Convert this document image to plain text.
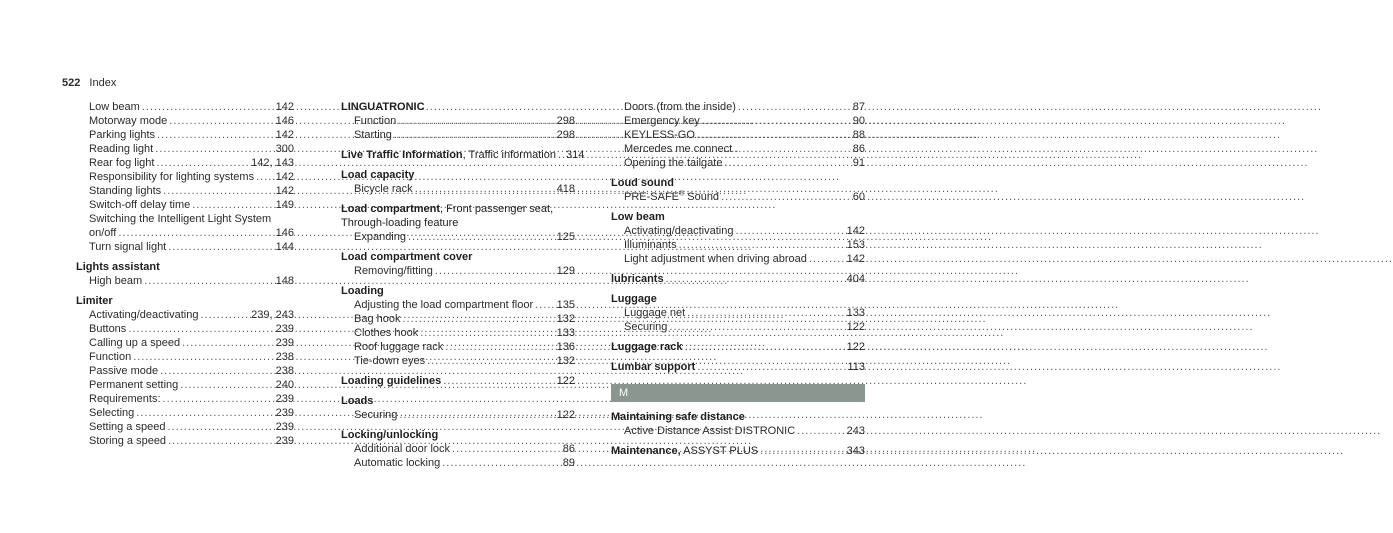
522 Index
Low beam .....	142
Motorway mode .....	146
Parking lights .....	142
Reading light .....	300
Rear fog light .....	142, 143
Responsibility for lighting systems ..... 142
Standing lights .....	142
Switch-off delay time .....	149
Switching the Intelligent Light System
on/off .....	146
Turn signal light .....	144
Lights assistant
High beam .....	148
Limiter
Activating/deactivating .....	239, 243
Buttons .....	239
Calling up a speed .....	239
Function .....	238
Passive mode .....	238
Permanent setting .....	240
Requirements: .....	239
Selecting .....	239
Setting a speed .....	239
Storing a speed .....	239
LINGUATRONIC
Function .....	298
Starting .....	298
Live Traffic Information, Traffic information ..... 314
Load capacity
Bicycle rack .....	418
Load compartment, Front passenger seat,
Through-loading feature
Expanding .....	125
Load compartment cover
Removing/fitting .....	129
Loading
Adjusting the load compartment floor ..... 135
Bag hook .....	132
Clothes hook .....	133
Roof luggage rack .....	136
Tie-down eyes .....	132
Loading guidelines .....	122
Loads
Securing .....	122
Locking/unlocking
Additional door lock .....	86
Automatic locking .....	89
Doors (from the inside) .....	87
Emergency key .....	90
KEYLESS-GO .....	88
Mercedes me connect .....	86
Opening the tailgate .....	91
Loud sound
PRE-SAFE® Sound .....	60
Low beam
Activating/deactivating .....	142
Illuminants .....	153
Light adjustment when driving abroad .....	142
lubricants .....	404
Luggage
Luggage net .....	133
Securing .....	122
Luggage rack .....	122
Lumbar support .....	113
M
Maintaining safe distance
Active Distance Assist DISTRONIC .....	243
Maintenance, ASSYST PLUS .....	343
